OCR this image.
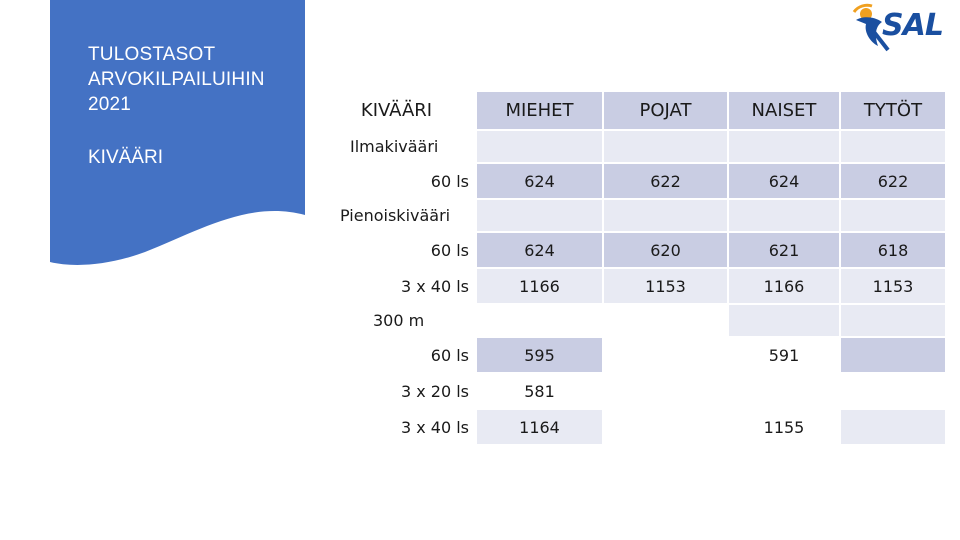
TULOSTASOT ARVOKILPAILUIHIN 2021
KIVÄÄRI
SAL
KIVÄÄRI	MIEHET	POJAT	NAISET	TYTÖT
Ilmakivääri				
60 ls	624	622	624	622
Pienoiskivääri				
60 ls	624	620	621	618
3 x 40 ls	1166	1153	1166	1153
300 m				
60 ls	595		591	
3 x 20 ls	581			
3 x 40 ls	1164		1155	
